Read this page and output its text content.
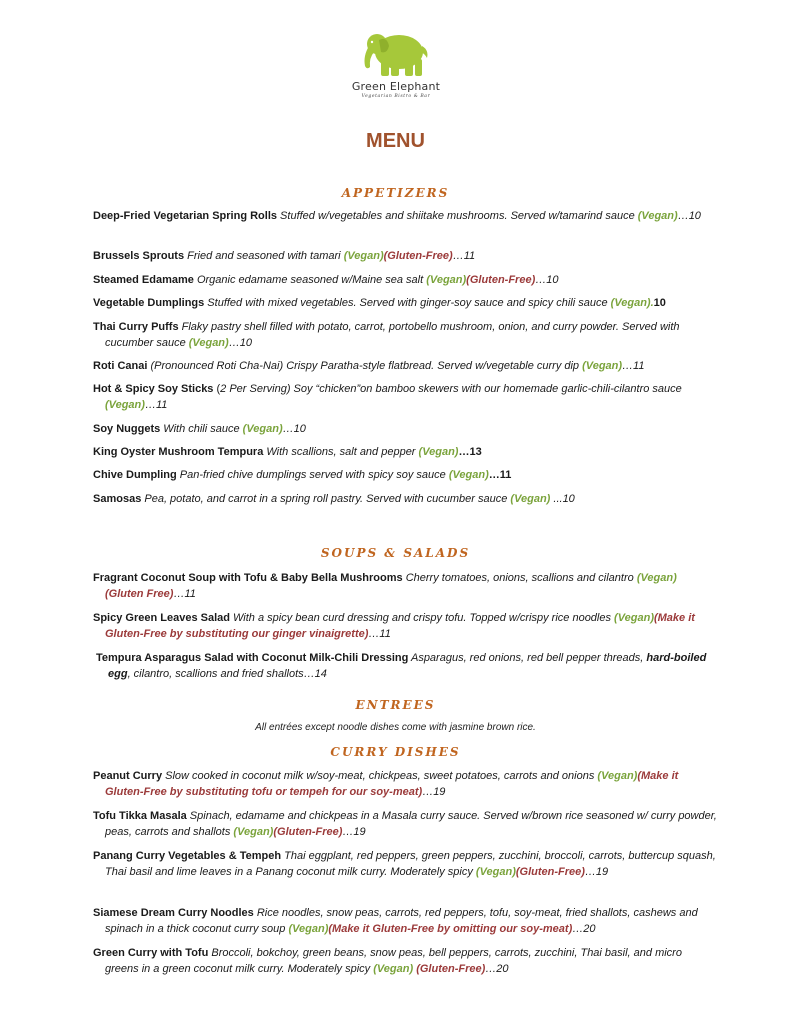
Green Elephant
Vegetarian Bistro & Bar
MENU
APPETIZERS

Deep-Fried Vegetarian Spring Rolls Stuffed w/vegetables and shiitake mushrooms. Served w/tamarind sauce (Vegan)…10

Brussels Sprouts Fried and seasoned with tamari (Vegan)(Gluten-Free)…11

Steamed Edamame Organic edamame seasoned w/Maine sea salt (Vegan)(Gluten-Free)…10

Vegetable Dumplings Stuffed with mixed vegetables. Served with ginger-soy sauce and spicy chili sauce (Vegan).10

Thai Curry Puffs Flaky pastry shell filled with potato, carrot, portobello mushroom, onion, and curry powder. Served with cucumber sauce (Vegan)…10

Roti Canai (Pronounced Roti Cha-Nai) Crispy Paratha-style flatbread. Served w/vegetable curry dip (Vegan)…11

Hot & Spicy Soy Sticks (2 Per Serving) Soy “chicken”on bamboo skewers with our homemade garlic-chili-cilantro sauce (Vegan)…11

Soy Nuggets With chili sauce (Vegan)…10

King Oyster Mushroom Tempura With scallions, salt and pepper (Vegan)…13

Chive Dumpling Pan-fried chive dumplings served with spicy soy sauce (Vegan)…11

Samosas Pea, potato, and carrot in a spring roll pastry. Served with cucumber sauce (Vegan) ...10

SOUPS & SALADS

Fragrant Coconut Soup with Tofu & Baby Bella Mushrooms Cherry tomatoes, onions, scallions and cilantro (Vegan) (Gluten Free)…11

Spicy Green Leaves Salad With a spicy bean curd dressing and crispy tofu. Topped w/crispy rice noodles (Vegan)(Make it Gluten-Free by substituting our ginger vinaigrette)…11

Tempura Asparagus Salad with Coconut Milk-Chili Dressing Asparagus, red onions, red bell pepper threads, hard-boiled egg, cilantro, scallions and fried shallots…14

ENTREES

All entrées except noodle dishes come with jasmine brown rice.

CURRY DISHES

Peanut Curry Slow cooked in coconut milk w/soy-meat, chickpeas, sweet potatoes, carrots and onions (Vegan)(Make it Gluten-Free by substituting tofu or tempeh for our soy-meat)…19

Tofu Tikka Masala Spinach, edamame and chickpeas in a Masala curry sauce. Served w/brown rice seasoned w/ curry powder, peas, carrots and shallots (Vegan)(Gluten-Free)…19

Panang Curry Vegetables & Tempeh Thai eggplant, red peppers, green peppers, zucchini, broccoli, carrots, buttercup squash, Thai basil and lime leaves in a Panang coconut milk curry. Moderately spicy (Vegan)(Gluten-Free)…19

Siamese Dream Curry Noodles Rice noodles, snow peas, carrots, red peppers, tofu, soy-meat, fried shallots, cashews and spinach in a thick coconut curry soup (Vegan)(Make it Gluten-Free by omitting our soy-meat)…20

Green Curry with Tofu Broccoli, bokchoy, green beans, snow peas, bell peppers, carrots, zucchini, Thai basil, and micro greens in a green coconut milk curry. Moderately spicy (Vegan) (Gluten-Free)…20
